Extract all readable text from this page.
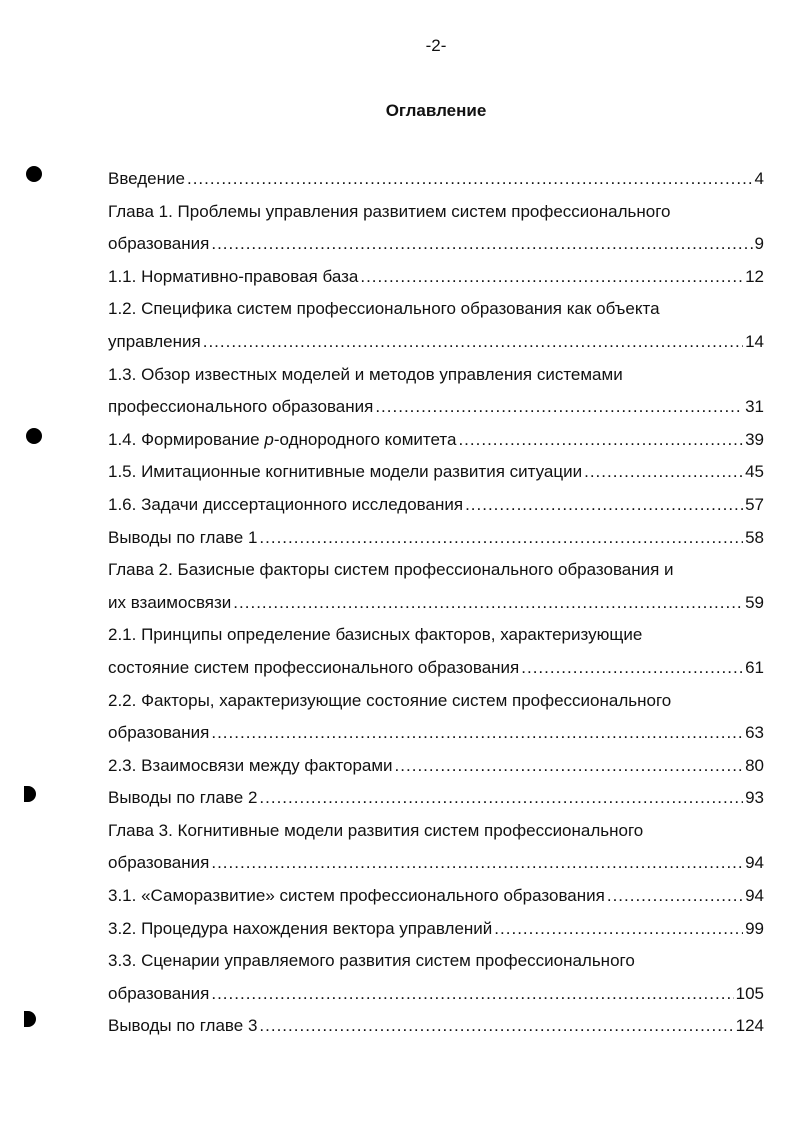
-2-
Оглавление
Введение .....	4
Глава 1. Проблемы управления развитием систем профессионального
образования .....	9
1.1. Нормативно-правовая база .....	12
1.2. Специфика систем профессионального образования как объекта
управления .....	14
1.3. Обзор известных моделей и методов управления системами
профессионального образования .....	31
1.4. Формирование p-однородного комитета .....	39
1.5. Имитационные когнитивные модели развития ситуации .....	45
1.6. Задачи диссертационного исследования .....	57
Выводы по главе 1 .....	58
Глава 2. Базисные факторы систем профессионального образования и
их взаимосвязи .....	59
2.1. Принципы определение базисных факторов, характеризующие
состояние систем профессионального образования .....	61
2.2. Факторы, характеризующие состояние систем профессионального
образования .....	63
2.3. Взаимосвязи между факторами .....	80
Выводы по главе 2 .....	93
Глава 3. Когнитивные модели развития систем профессионального
образования .....	94
3.1. «Саморазвитие» систем профессионального образования .....	94
3.2. Процедура нахождения вектора управлений .....	99
3.3. Сценарии управляемого развития систем профессионального
образования .....	105
Выводы по главе 3 .....	124
